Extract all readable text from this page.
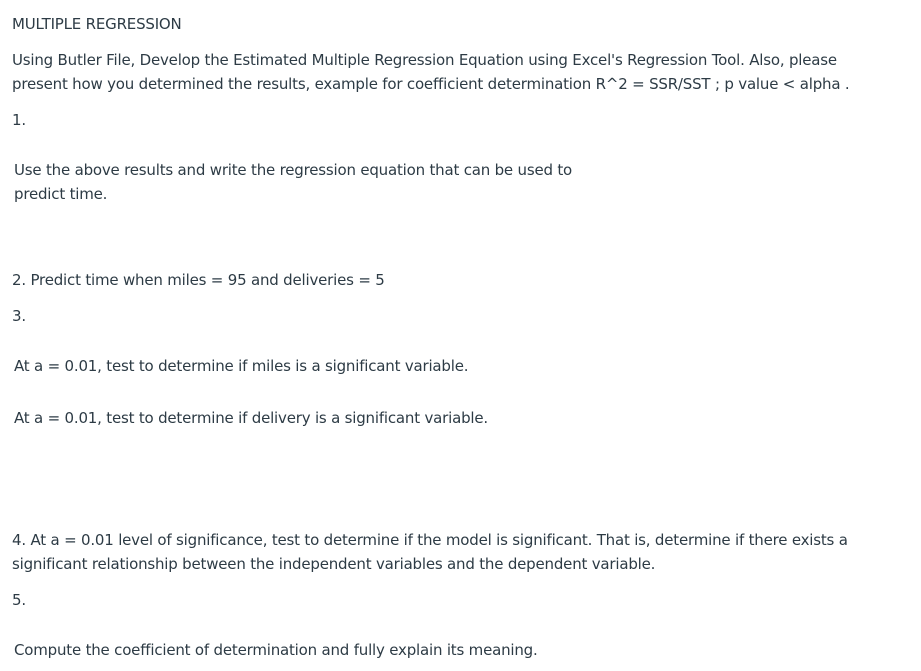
MULTIPLE REGRESSION
Using Butler File, Develop the Estimated Multiple Regression Equation using Excel's Regression Tool. Also, please
present how you determined the results, example for coefficient determination R^2 = SSR/SST ; p value < alpha .
1.
Use the above results and write the regression equation that can be used to
predict time.
2. Predict time when miles = 95 and deliveries = 5
3.
At a = 0.01, test to determine if miles is a significant variable.
At a = 0.01, test to determine if delivery is a significant variable.
4. At a = 0.01 level of significance, test to determine if the model is significant. That is, determine if there exists a
significant relationship between the independent variables and the dependent variable.
5.
Compute the coefficient of determination and fully explain its meaning.
